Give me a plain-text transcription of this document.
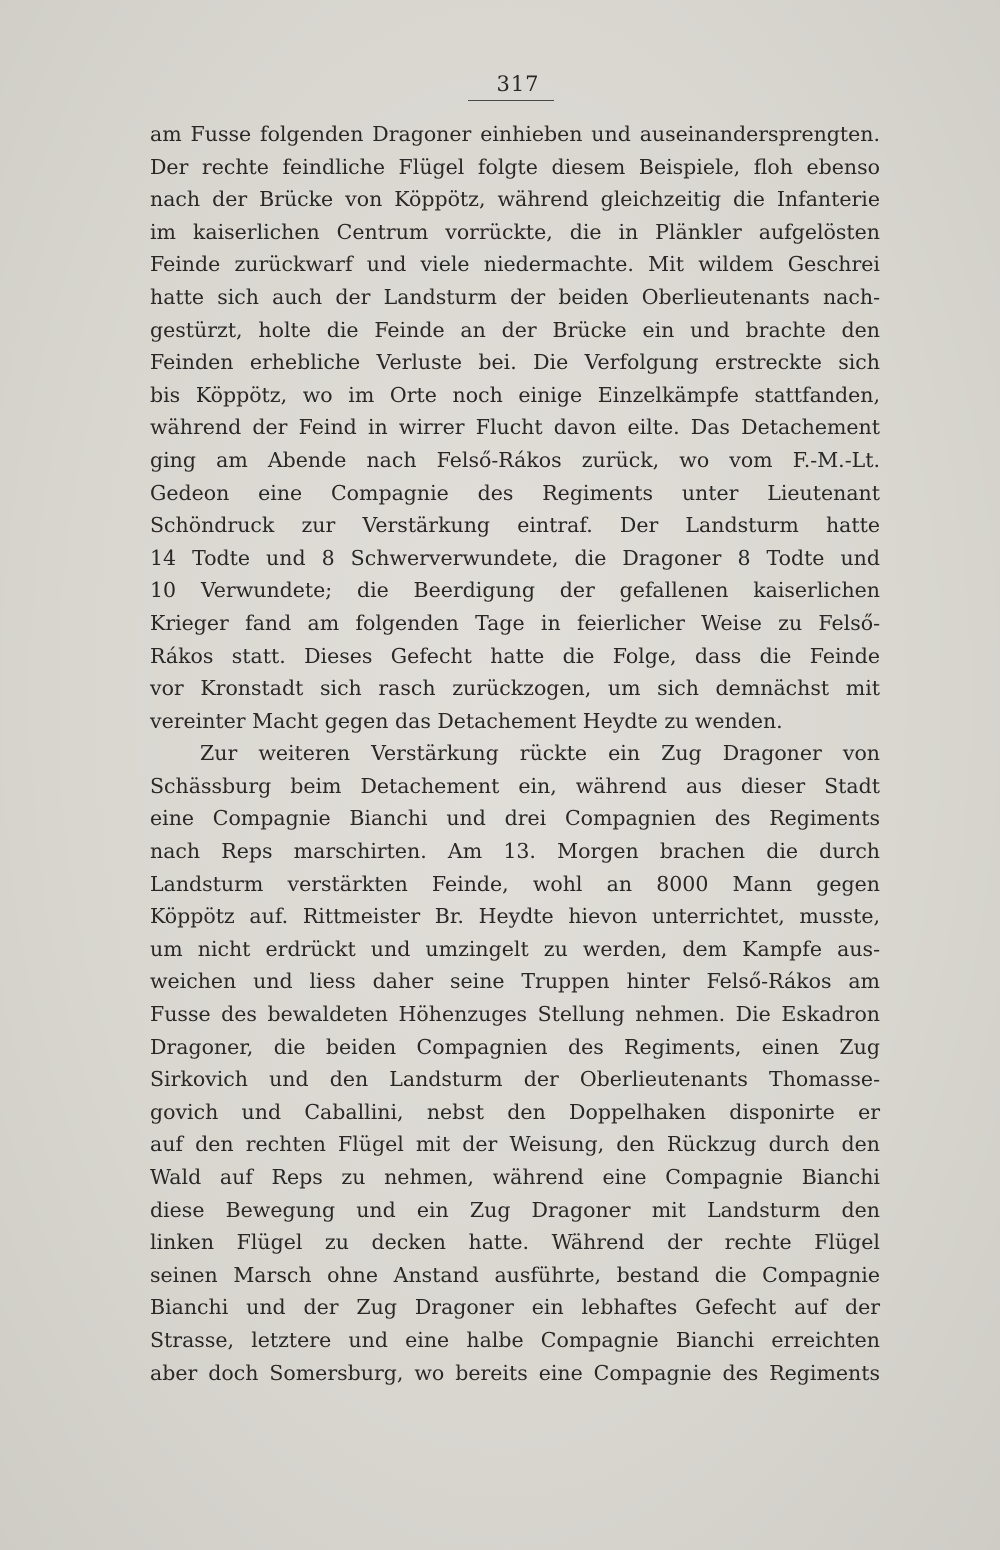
317
am Fusse folgenden Dragoner einhieben und auseinandersprengten.
Der rechte feindliche Flügel folgte diesem Beispiele, floh ebenso
nach der Brücke von Köppötz, während gleichzeitig die Infanterie
im kaiserlichen Centrum vorrückte, die in Plänkler aufgelösten
Feinde zurückwarf und viele niedermachte. Mit wildem Geschrei
hatte sich auch der Landsturm der beiden Oberlieutenants nach-
gestürzt, holte die Feinde an der Brücke ein und brachte den
Feinden erhebliche Verluste bei. Die Verfolgung erstreckte sich
bis Köppötz, wo im Orte noch einige Einzelkämpfe stattfanden,
während der Feind in wirrer Flucht davon eilte. Das Detachement
ging am Abende nach Felső-Rákos zurück, wo vom F.-M.-Lt.
Gedeon eine Compagnie des Regiments unter Lieutenant
Schöndruck zur Verstärkung eintraf. Der Landsturm hatte
14 Todte und 8 Schwerverwundete, die Dragoner 8 Todte und
10 Verwundete; die Beerdigung der gefallenen kaiserlichen
Krieger fand am folgenden Tage in feierlicher Weise zu Felső-
Rákos statt. Dieses Gefecht hatte die Folge, dass die Feinde
vor Kronstadt sich rasch zurückzogen, um sich demnächst mit
vereinter Macht gegen das Detachement Heydte zu wenden.
Zur weiteren Verstärkung rückte ein Zug Dragoner von
Schässburg beim Detachement ein, während aus dieser Stadt
eine Compagnie Bianchi und drei Compagnien des Regiments
nach Reps marschirten. Am 13. Morgen brachen die durch
Landsturm verstärkten Feinde, wohl an 8000 Mann gegen
Köppötz auf. Rittmeister Br. Heydte hievon unterrichtet, musste,
um nicht erdrückt und umzingelt zu werden, dem Kampfe aus-
weichen und liess daher seine Truppen hinter Felső-Rákos am
Fusse des bewaldeten Höhenzuges Stellung nehmen. Die Eskadron
Dragoner, die beiden Compagnien des Regiments, einen Zug
Sirkovich und den Landsturm der Oberlieutenants Thomasse-
govich und Caballini, nebst den Doppelhaken disponirte er
auf den rechten Flügel mit der Weisung, den Rückzug durch den
Wald auf Reps zu nehmen, während eine Compagnie Bianchi
diese Bewegung und ein Zug Dragoner mit Landsturm den
linken Flügel zu decken hatte. Während der rechte Flügel
seinen Marsch ohne Anstand ausführte, bestand die Compagnie
Bianchi und der Zug Dragoner ein lebhaftes Gefecht auf der
Strasse, letztere und eine halbe Compagnie Bianchi erreichten
aber doch Somersburg, wo bereits eine Compagnie des Regiments
